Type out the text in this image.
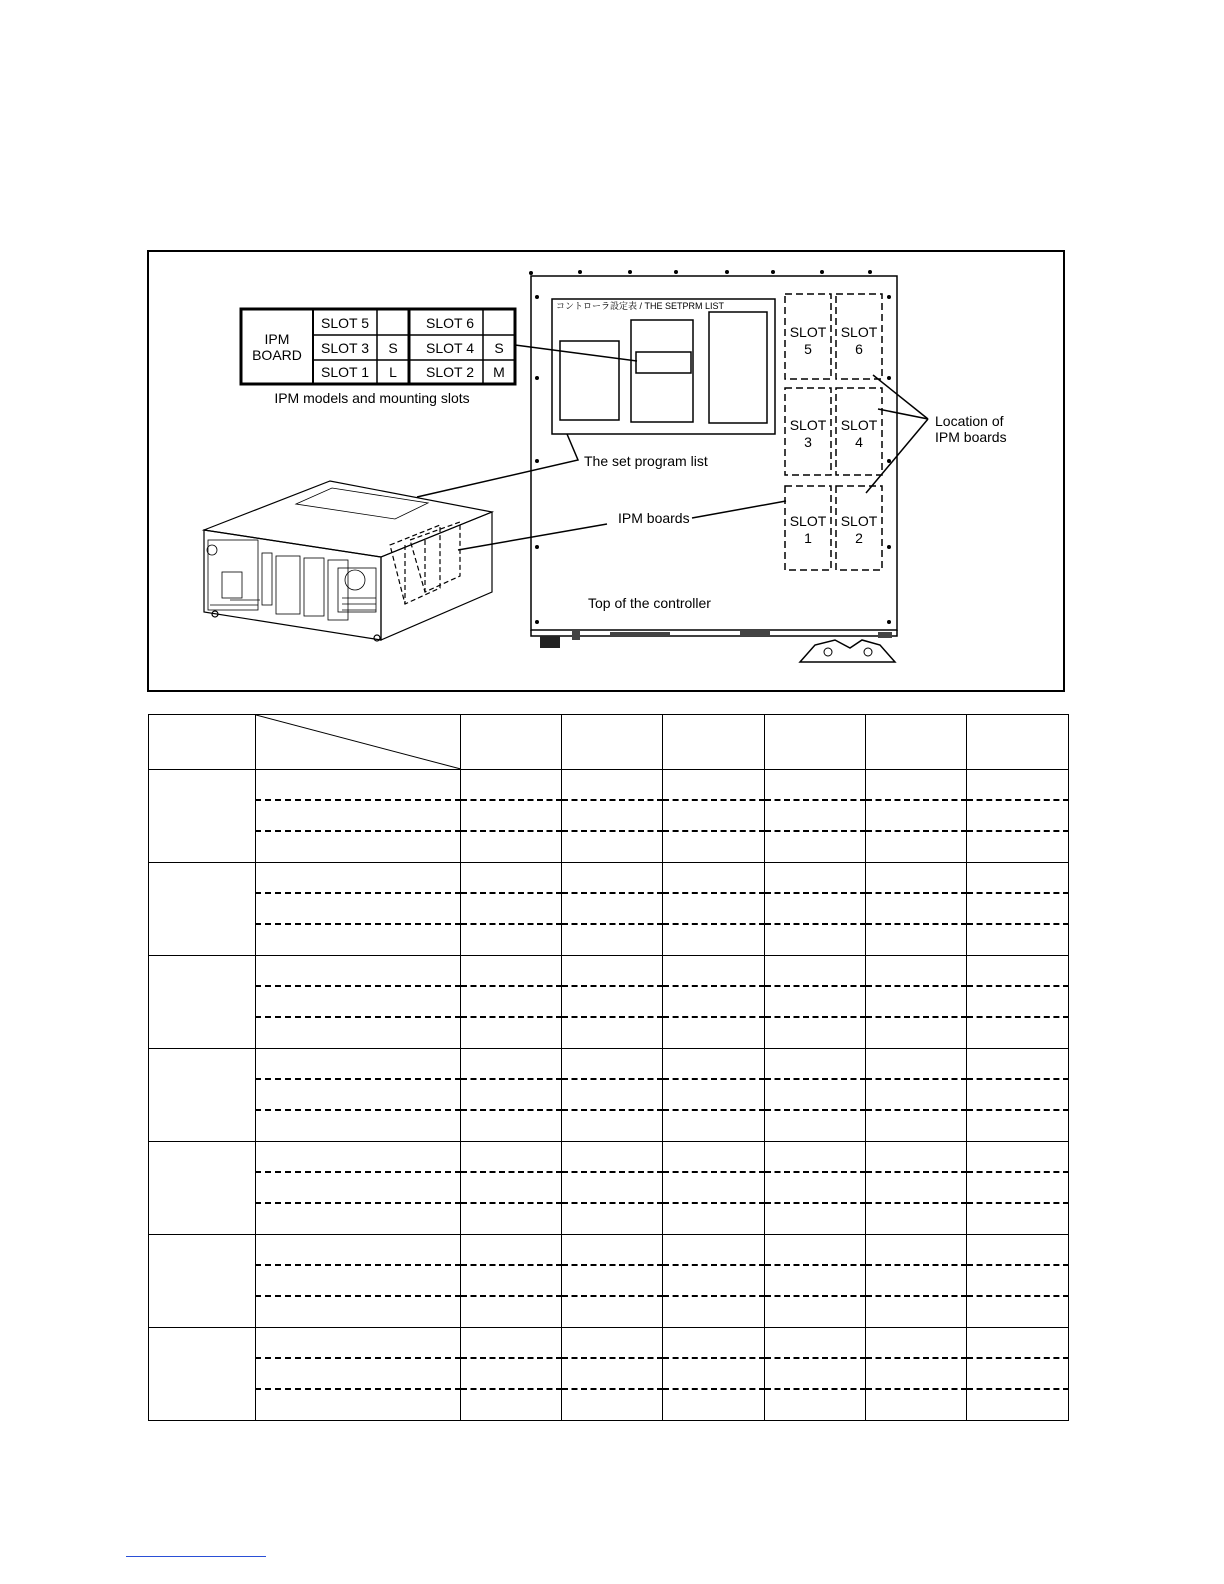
IPM
BOARD
SLOT 5	SLOT 6
SLOT 3 S SLOT 4 S
SLOT 1 L SLOT 2 M
IPM models and mounting slots
コントローラ設定表 / THE SETPRM LIST
SLOT
5
SLOT
6
SLOT
3
SLOT
4
SLOT
1
SLOT
2
The set program list
IPM boards
Location of
IPM boards
Top of the controller
